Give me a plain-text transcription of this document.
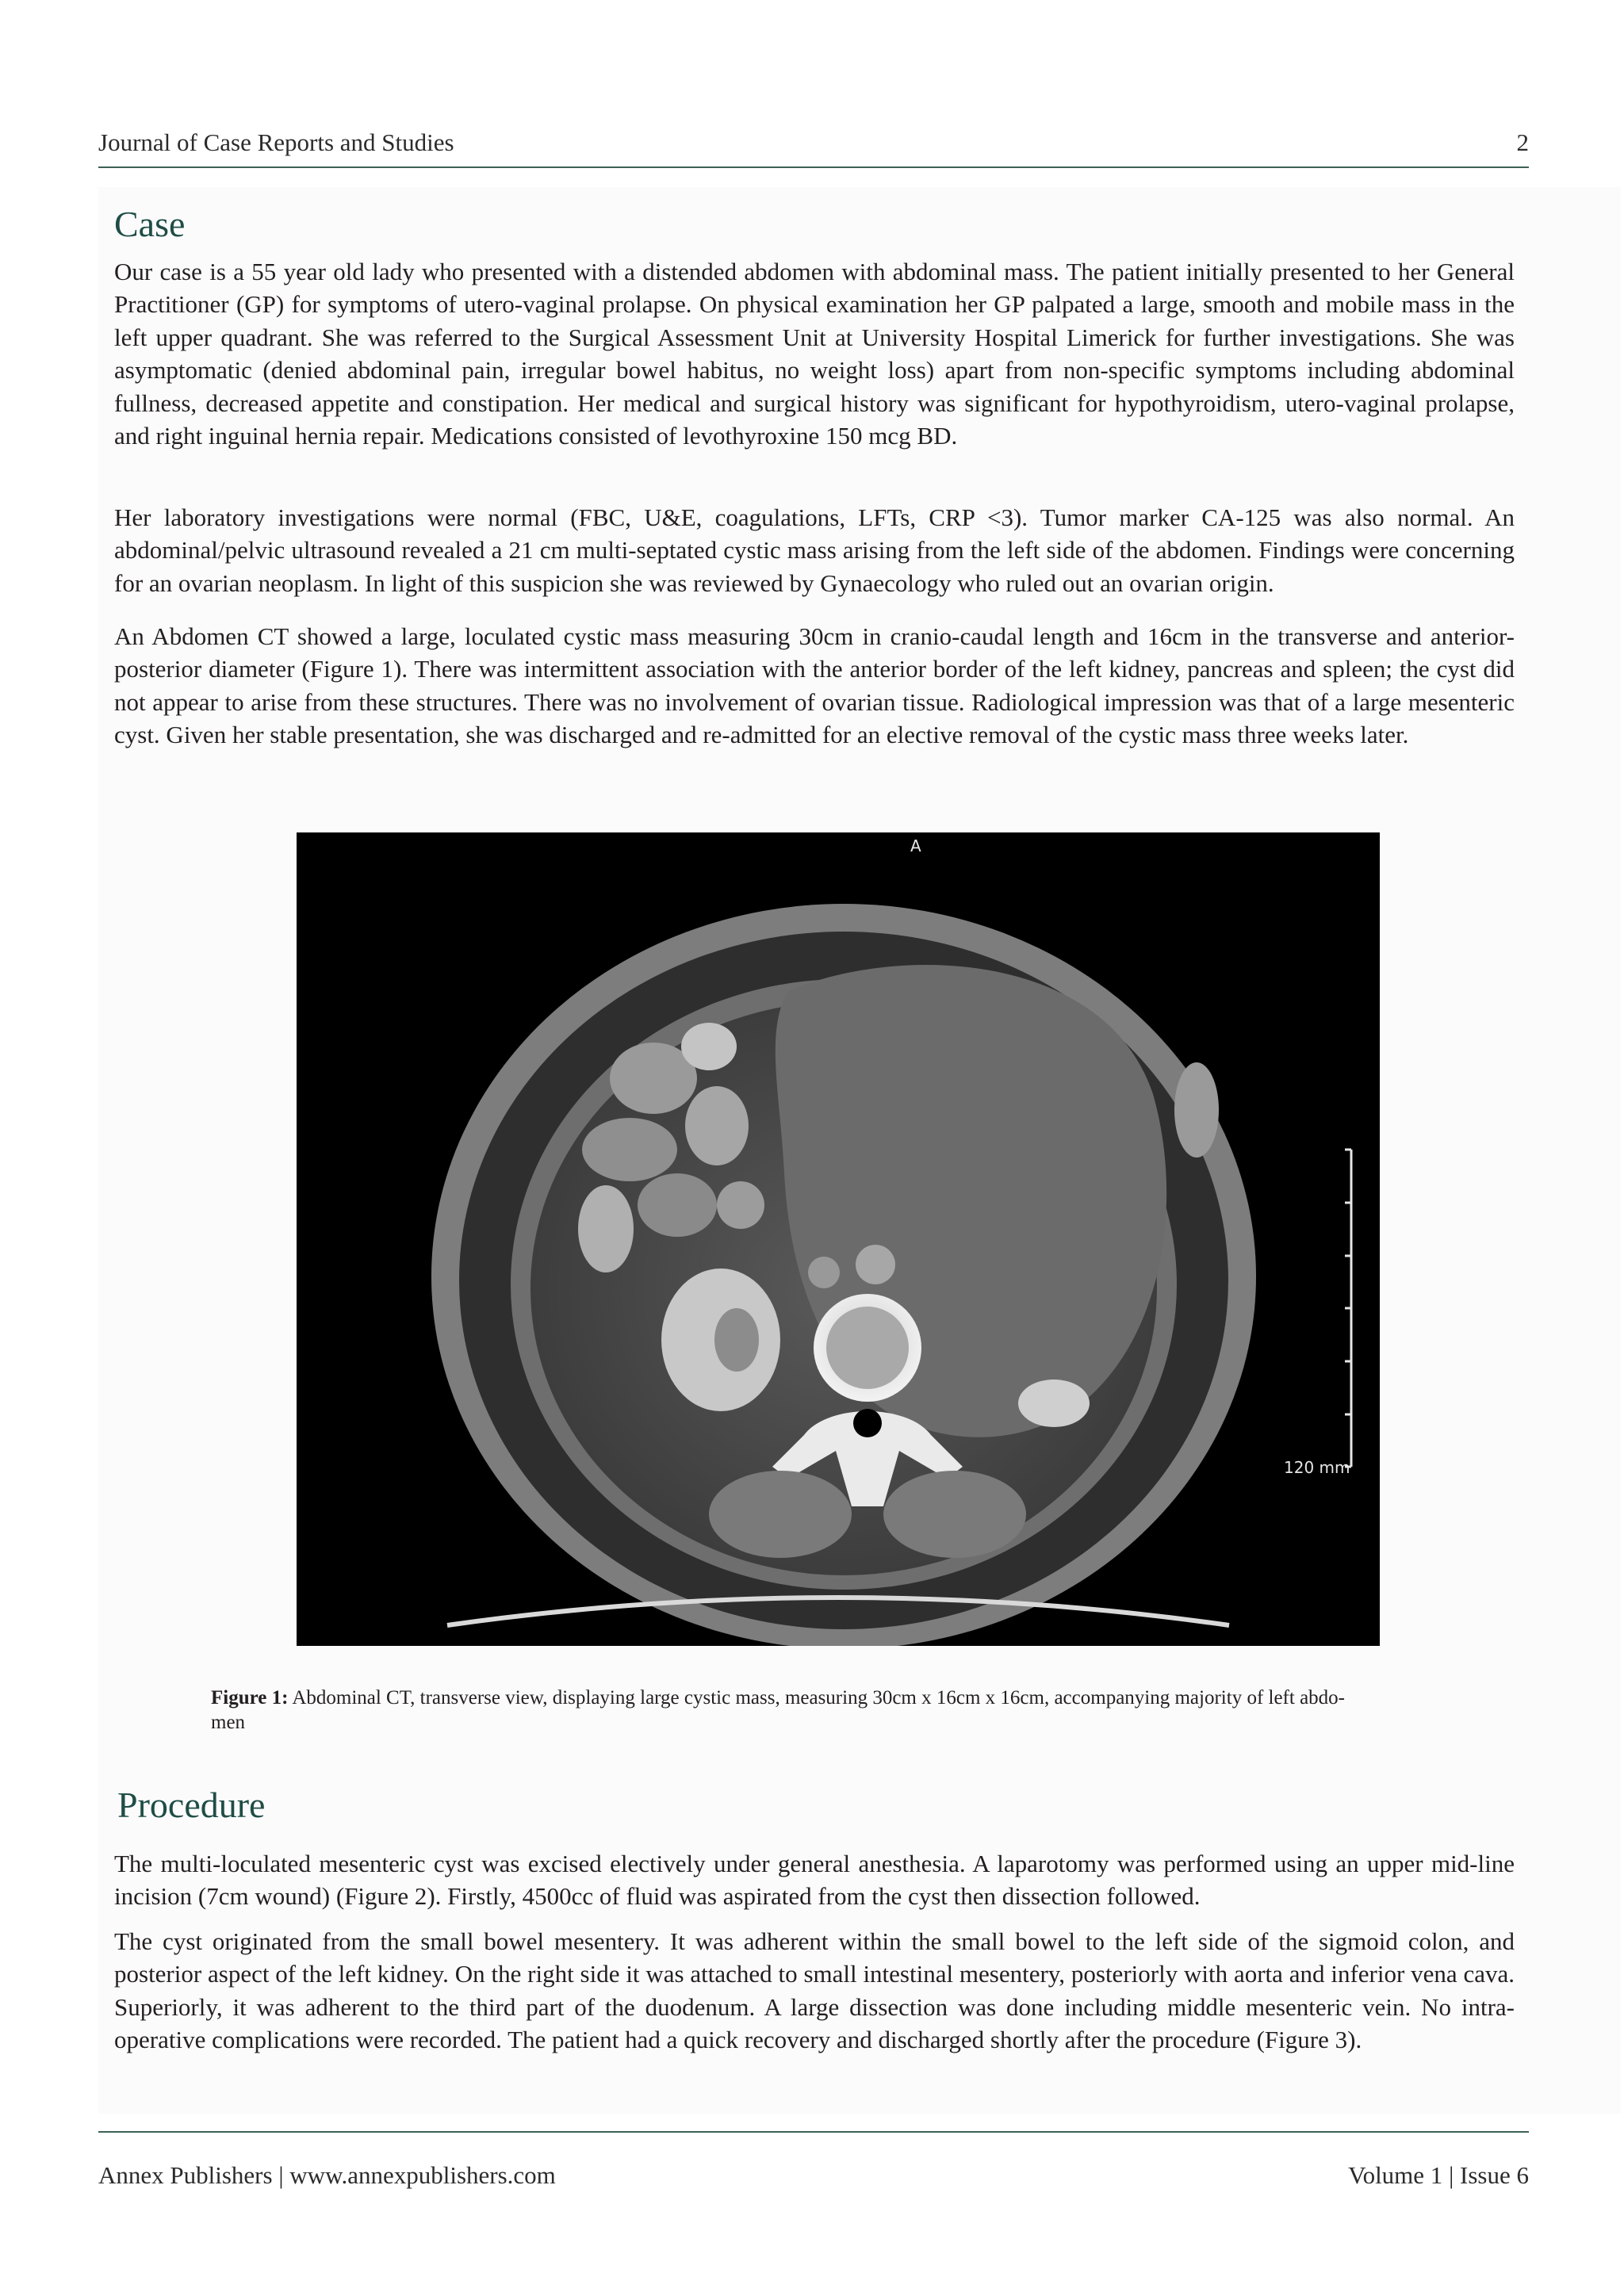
Journal of Case Reports and Studies	2
Case

Our case is a 55 year old lady who presented with a distended abdomen with abdominal mass. The patient initially presented to her General Practitioner (GP) for symptoms of utero-vaginal prolapse. On physical examination her GP palpated a large, smooth and mobile mass in the left upper quadrant. She was referred to the Surgical Assessment Unit at University Hospital Limerick for further investigations. She was asymptomatic (denied abdominal pain, irregular bowel habitus, no weight loss) apart from non-specific symptoms including abdominal fullness, decreased appetite and constipation. Her medical and surgical history was significant for hypothyroidism, utero-vaginal prolapse, and right inguinal hernia repair. Medications consisted of levothyroxine 150 mcg BD.

Her laboratory investigations were normal (FBC, U&E, coagulations, LFTs, CRP <3). Tumor marker CA-125 was also normal. An abdominal/pelvic ultrasound revealed a 21 cm multi-septated cystic mass arising from the left side of the abdomen. Findings were concerning for an ovarian neoplasm. In light of this suspicion she was reviewed by Gynaecology who ruled out an ovarian origin.

An Abdomen CT showed a large, loculated cystic mass measuring 30cm in cranio-caudal length and 16cm in the transverse and anterior-posterior diameter (Figure 1). There was intermittent association with the anterior border of the left kidney, pancreas and spleen; the cyst did not appear to arise from these structures. There was no involvement of ovarian tissue. Radiological impression was that of a large mesenteric cyst. Given her stable presentation, she was discharged and re-admitted for an elective removal of the cystic mass three weeks later.

120 mm
A

Figure 1: Abdominal CT, transverse view, displaying large cystic mass, measuring 30cm x 16cm x 16cm, accompanying majority of left abdo-
men

Procedure

The multi-loculated mesenteric cyst was excised electively under general anesthesia. A laparotomy was performed using an upper mid-line incision (7cm wound) (Figure 2). Firstly, 4500cc of fluid was aspirated from the cyst then dissection followed.

The cyst originated from the small bowel mesentery. It was adherent within the small bowel to the left side of the sigmoid colon, and posterior aspect of the left kidney. On the right side it was attached to small intestinal mesentery, posteriorly with aorta and inferior vena cava. Superiorly, it was adherent to the third part of the duodenum. A large dissection was done including middle mesenteric vein. No intra-operative complications were recorded. The patient had a quick recovery and discharged shortly after the procedure (Figure 3).

Annex Publishers | www.annexpublishers.com	Volume 1 | Issue 6
